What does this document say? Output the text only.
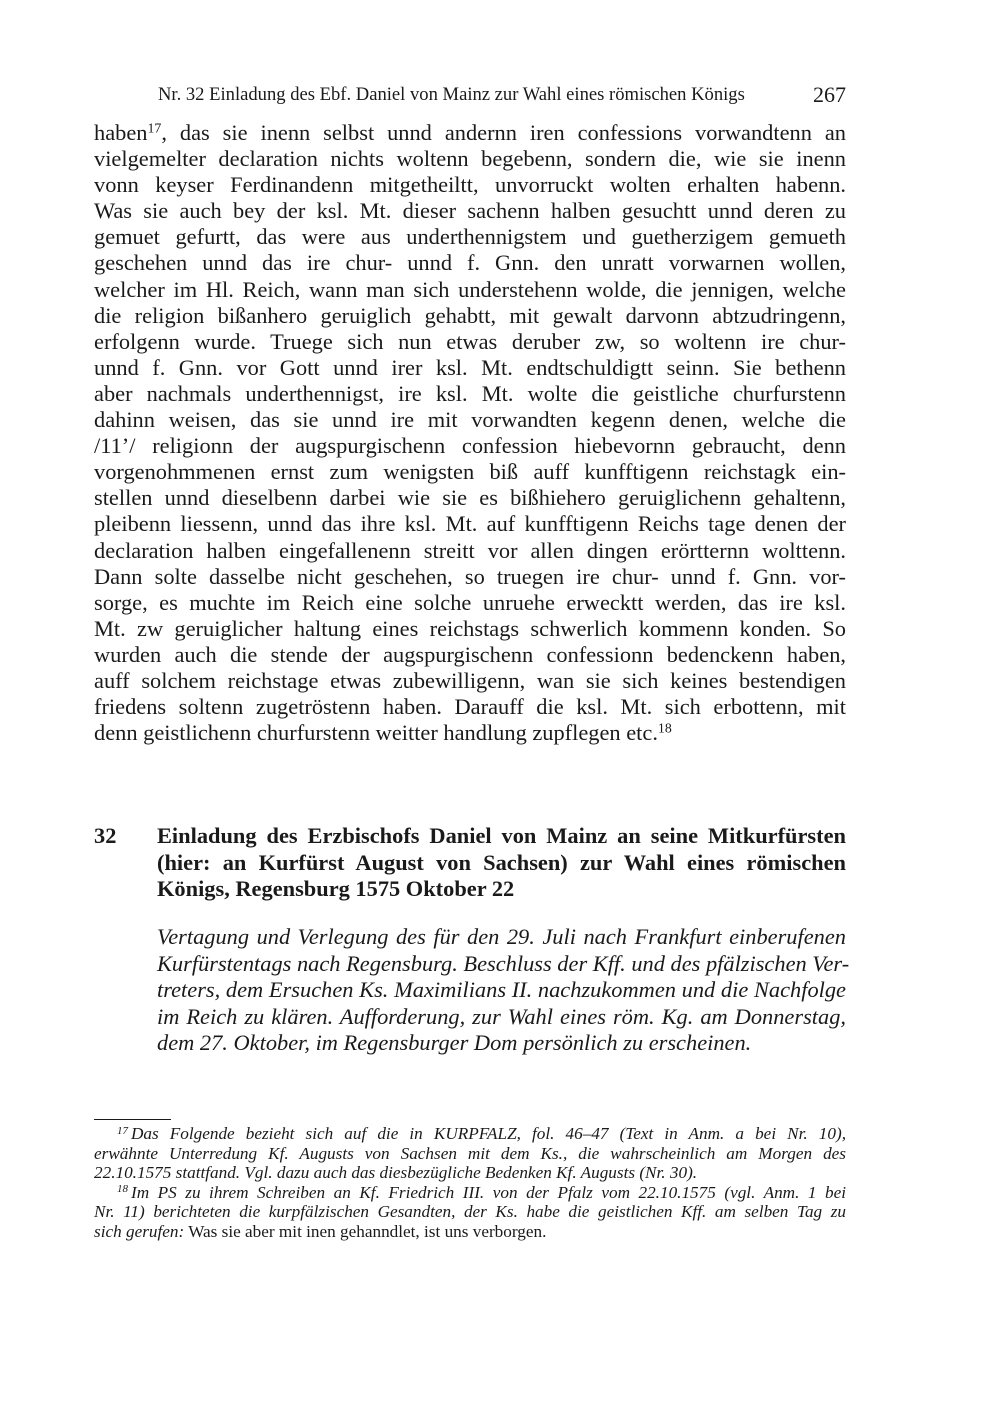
Nr. 32 Einladung des Ebf. Daniel von Mainz zur Wahl eines römischen Königs	267
haben$^{17}$, das sie inenn selbst unnd andernn iren confessions vorwandtenn an
vielgemelter declaration nichts woltenn begebenn, sondern die, wie sie inenn
vonn keyser Ferdinandenn mitgetheiltt, unvorruckt wolten erhalten habenn.
Was sie auch bey der ksl. Mt. dieser sachenn halben gesuchtt unnd deren zu
gemuet gefurtt, das were aus underthennigstem und guetherzigem gemueth
geschehen unnd das ire chur- unnd f. Gnn. den unratt vorwarnen wollen,
welcher im Hl. Reich, wann man sich understehenn wolde, die jennigen, welche
die religion bißanhero geruiglich gehabtt, mit gewalt darvonn abtzudringenn,
erfolgenn wurde. Truege sich nun etwas deruber zw, so woltenn ire chur-
unnd f. Gnn. vor Gott unnd irer ksl. Mt. endtschuldigtt seinn. Sie bethenn
aber nachmals underthennigst, ire ksl. Mt. wolte die geistliche churfurstenn
dahinn weisen, das sie unnd ire mit vorwandten kegenn denen, welche die
/11’/ religionn der augspurgischenn confession hiebevornn gebraucht, denn
vorgenohmmenen ernst zum wenigsten biß auff kunfftigenn reichstagk ein-
stellen unnd dieselbenn darbei wie sie es bißhiehero geruiglichenn gehaltenn,
pleibenn liessenn, unnd das ihre ksl. Mt. auf kunfftigenn Reichs tage denen der
declaration halben eingefallenenn streitt vor allen dingen erörtternn wolttenn.
Dann solte dasselbe nicht geschehen, so truegen ire chur- unnd f. Gnn. vor-
sorge, es muchte im Reich eine solche unruehe erwecktt werden, das ire ksl.
Mt. zw geruiglicher haltung eines reichstags schwerlich kommenn konden. So
wurden auch die stende der augspurgischenn confessionn bedenckenn haben,
auff solchem reichstage etwas zubewilligenn, wan sie sich keines bestendigen
friedens soltenn zugetröstenn haben. Darauff die ksl. Mt. sich erbottenn, mit
denn geistlichenn churfurstenn weitter handlung zupflegen etc.$^{18}$
32 Einladung des Erzbischofs Daniel von Mainz an seine Mitkurfürsten
(hier: an Kurfürst August von Sachsen) zur Wahl eines römischen
Königs, Regensburg 1575 Oktober 22
Vertagung und Verlegung des für den 29. Juli nach Frankfurt einberufenen
Kurfürstentags nach Regensburg. Beschluss der Kff. und des pfälzischen Ver-
treters, dem Ersuchen Ks. Maximilians II. nachzukommen und die Nachfolge
im Reich zu klären. Aufforderung, zur Wahl eines röm. Kg. am Donnerstag,
dem 27. Oktober, im Regensburger Dom persönlich zu erscheinen.
$^{17}$ Das Folgende bezieht sich auf die in KURPFALZ, fol. 46–47 (Text in Anm. a bei Nr. 10),
erwähnte Unterredung Kf. Augusts von Sachsen mit dem Ks., die wahrscheinlich am Morgen des
22.10.1575 stattfand. Vgl. dazu auch das diesbezügliche Bedenken Kf. Augusts (Nr. 30).
$^{18}$ Im PS zu ihrem Schreiben an Kf. Friedrich III. von der Pfalz vom 22.10.1575 (vgl. Anm. 1 bei
Nr. 11) berichteten die kurpfälzischen Gesandten, der Ks. habe die geistlichen Kff. am selben Tag zu
sich gerufen: Was sie aber mit inen gehanndlet, ist uns verborgen.
